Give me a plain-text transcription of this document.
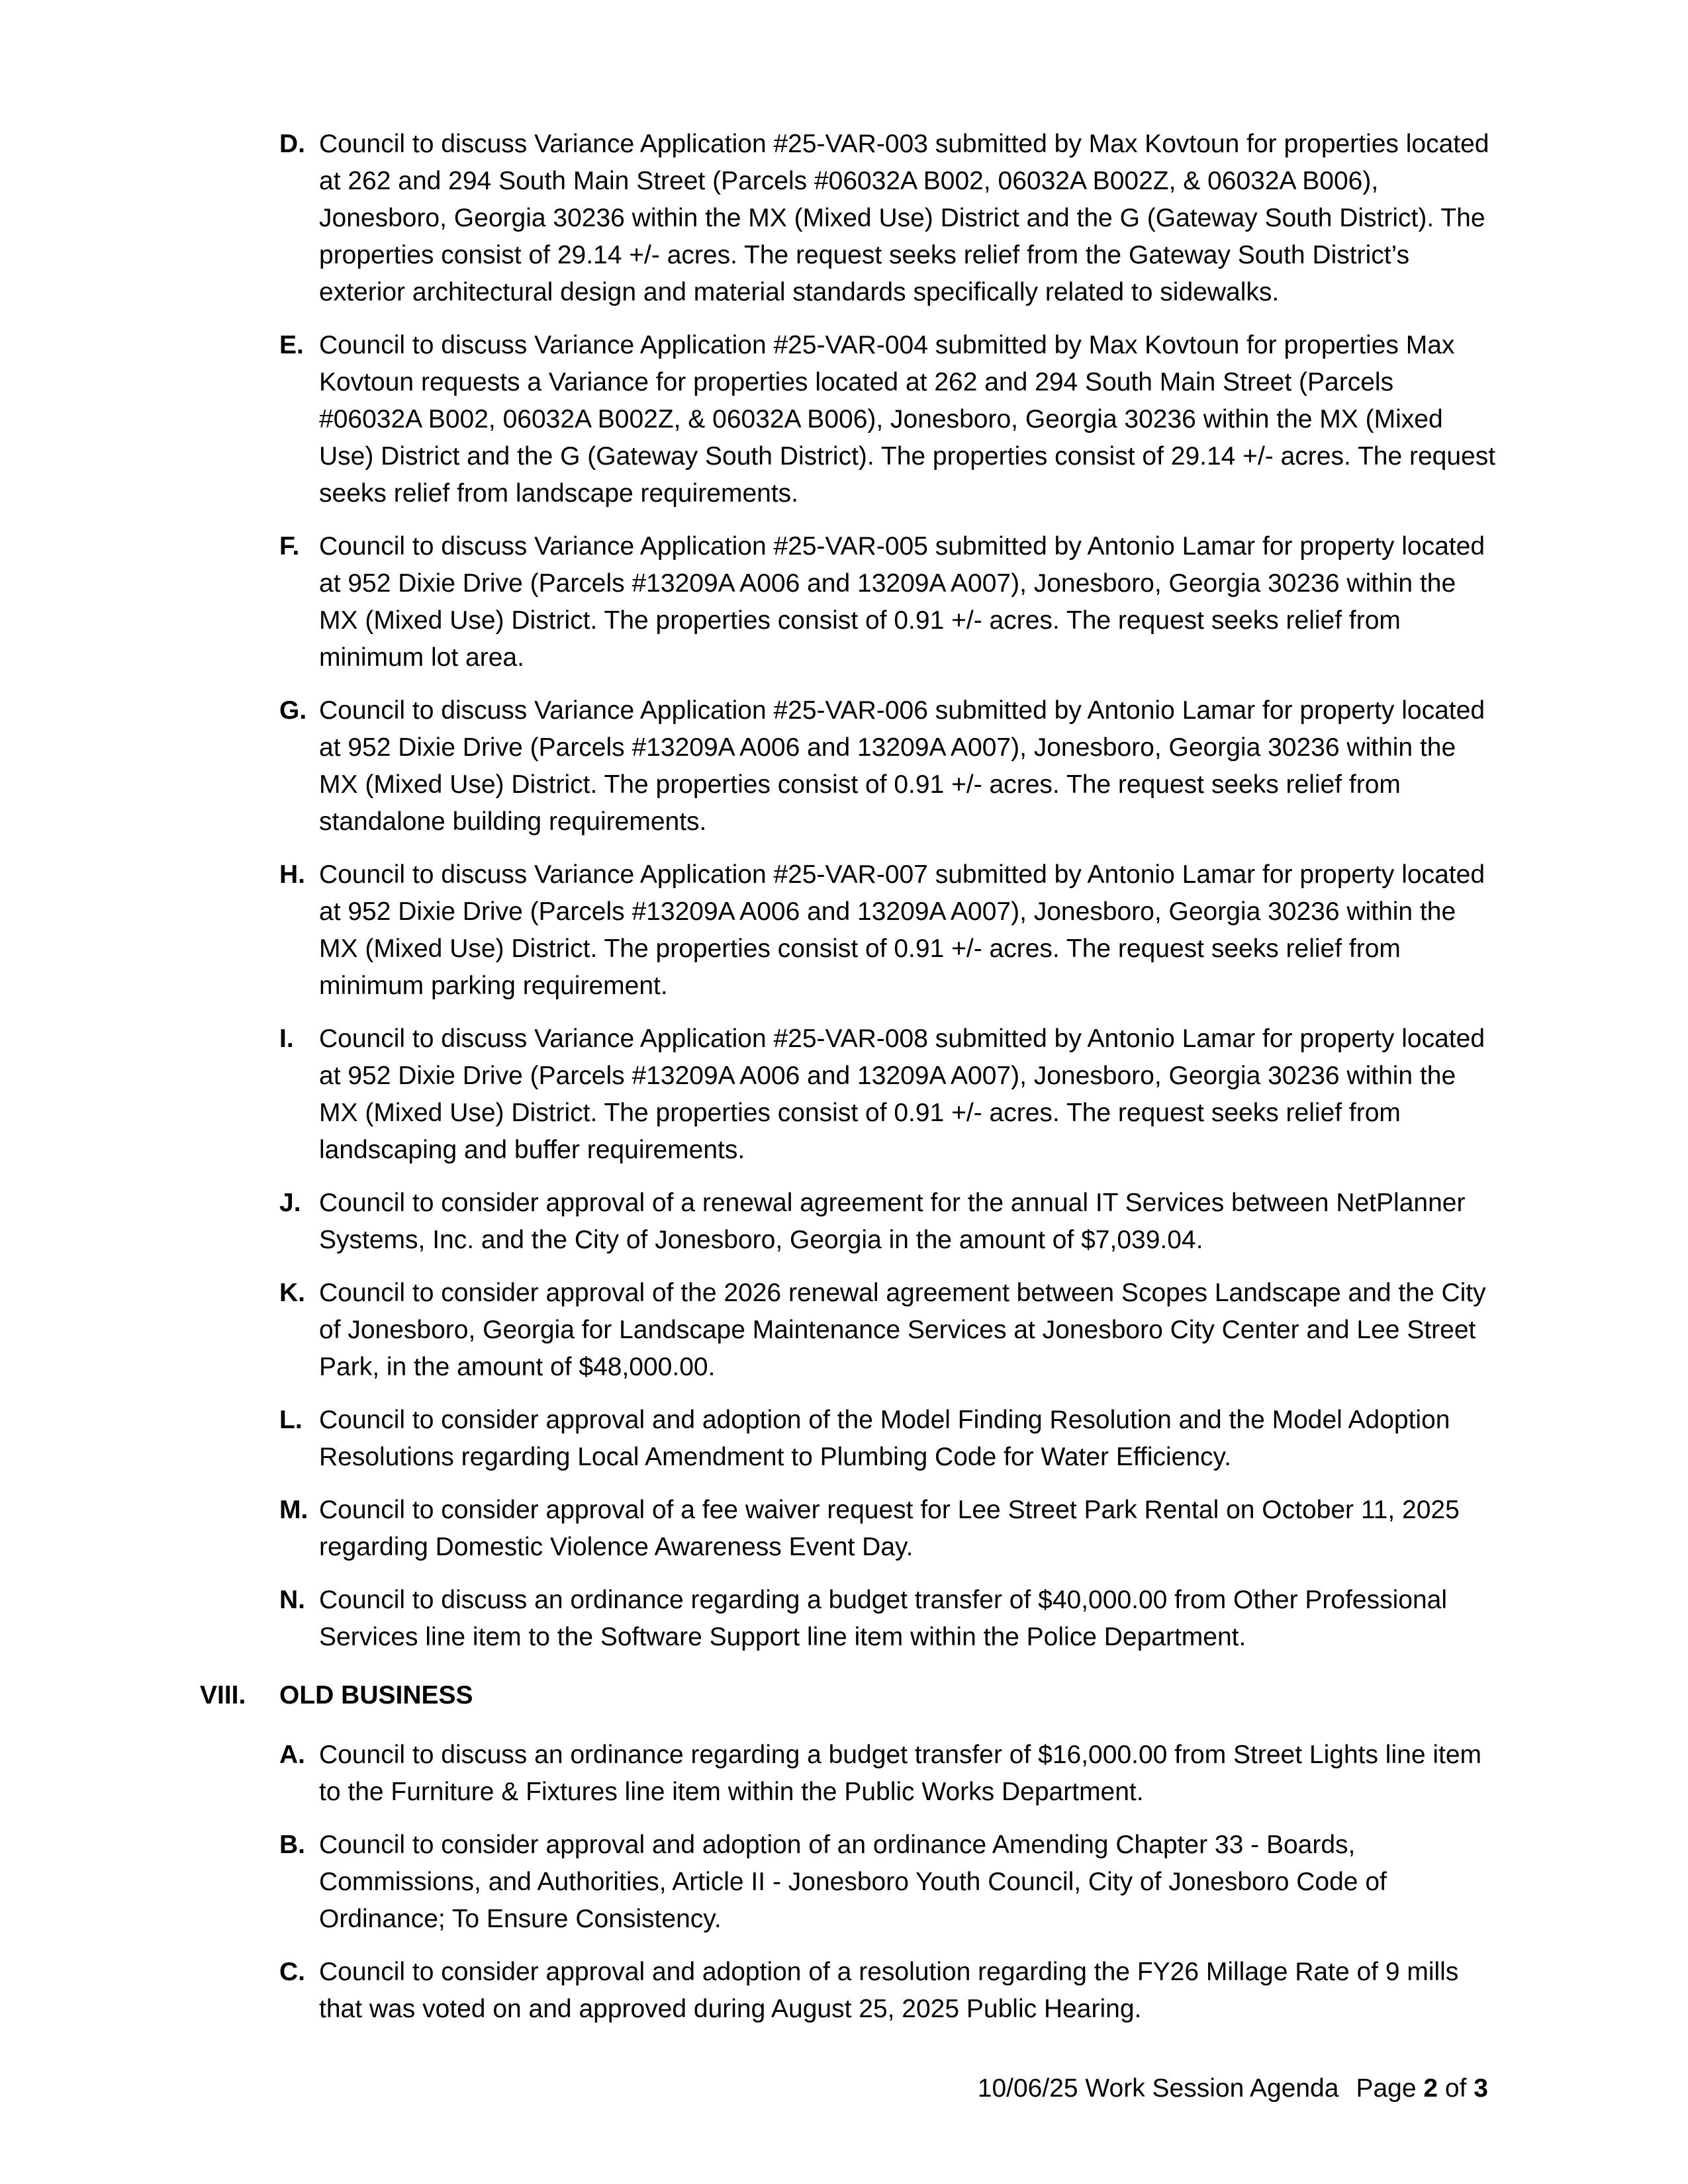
D. Council to discuss Variance Application #25-VAR-003 submitted by Max Kovtoun for properties located at 262 and 294 South Main Street (Parcels #06032A B002, 06032A B002Z, & 06032A B006), Jonesboro, Georgia 30236 within the MX (Mixed Use) District and the G (Gateway South District). The properties consist of 29.14 +/- acres. The request seeks relief from the Gateway South District’s exterior architectural design and material standards specifically related to sidewalks.
E. Council to discuss Variance Application #25-VAR-004 submitted by Max Kovtoun for properties Max Kovtoun requests a Variance for properties located at 262 and 294 South Main Street (Parcels #06032A B002, 06032A B002Z, & 06032A B006), Jonesboro, Georgia 30236 within the MX (Mixed Use) District and the G (Gateway South District). The properties consist of 29.14 +/- acres. The request seeks relief from landscape requirements.
F. Council to discuss Variance Application #25-VAR-005 submitted by Antonio Lamar for property located at 952 Dixie Drive (Parcels #13209A A006 and 13209A A007), Jonesboro, Georgia 30236 within the MX (Mixed Use) District. The properties consist of 0.91 +/- acres. The request seeks relief from minimum lot area.
G. Council to discuss Variance Application #25-VAR-006 submitted by Antonio Lamar for property located at 952 Dixie Drive (Parcels #13209A A006 and 13209A A007), Jonesboro, Georgia 30236 within the MX (Mixed Use) District. The properties consist of 0.91 +/- acres. The request seeks relief from standalone building requirements.
H. Council to discuss Variance Application #25-VAR-007 submitted by Antonio Lamar for property located at 952 Dixie Drive (Parcels #13209A A006 and 13209A A007), Jonesboro, Georgia 30236 within the MX (Mixed Use) District. The properties consist of 0.91 +/- acres. The request seeks relief from minimum parking requirement.
I. Council to discuss Variance Application #25-VAR-008 submitted by Antonio Lamar for property located at 952 Dixie Drive (Parcels #13209A A006 and 13209A A007), Jonesboro, Georgia 30236 within the MX (Mixed Use) District. The properties consist of 0.91 +/- acres. The request seeks relief from landscaping and buffer requirements.
J. Council to consider approval of a renewal agreement for the annual IT Services between NetPlanner Systems, Inc. and the City of Jonesboro, Georgia in the amount of $7,039.04.
K. Council to consider approval of the 2026 renewal agreement between Scopes Landscape and the City of Jonesboro, Georgia for Landscape Maintenance Services at Jonesboro City Center and Lee Street Park, in the amount of $48,000.00.
L. Council to consider approval and adoption of the Model Finding Resolution and the Model Adoption Resolutions regarding Local Amendment to Plumbing Code for Water Efficiency.
M. Council to consider approval of a fee waiver request for Lee Street Park Rental on October 11, 2025 regarding Domestic Violence Awareness Event Day.
N. Council to discuss an ordinance regarding a budget transfer of $40,000.00 from Other Professional Services line item to the Software Support line item within the Police Department.
VIII.	OLD BUSINESS
A. Council to discuss an ordinance regarding a budget transfer of $16,000.00 from Street Lights line item to the Furniture & Fixtures line item within the Public Works Department.
B. Council to consider approval and adoption of an ordinance Amending Chapter 33 - Boards, Commissions, and Authorities, Article II - Jonesboro Youth Council, City of Jonesboro Code of Ordinance; To Ensure Consistency.
C. Council to consider approval and adoption of a resolution regarding the FY26 Millage Rate of 9 mills that was voted on and approved during August 25, 2025 Public Hearing.
10/06/25 Work Session Agenda Page 2 of 3
